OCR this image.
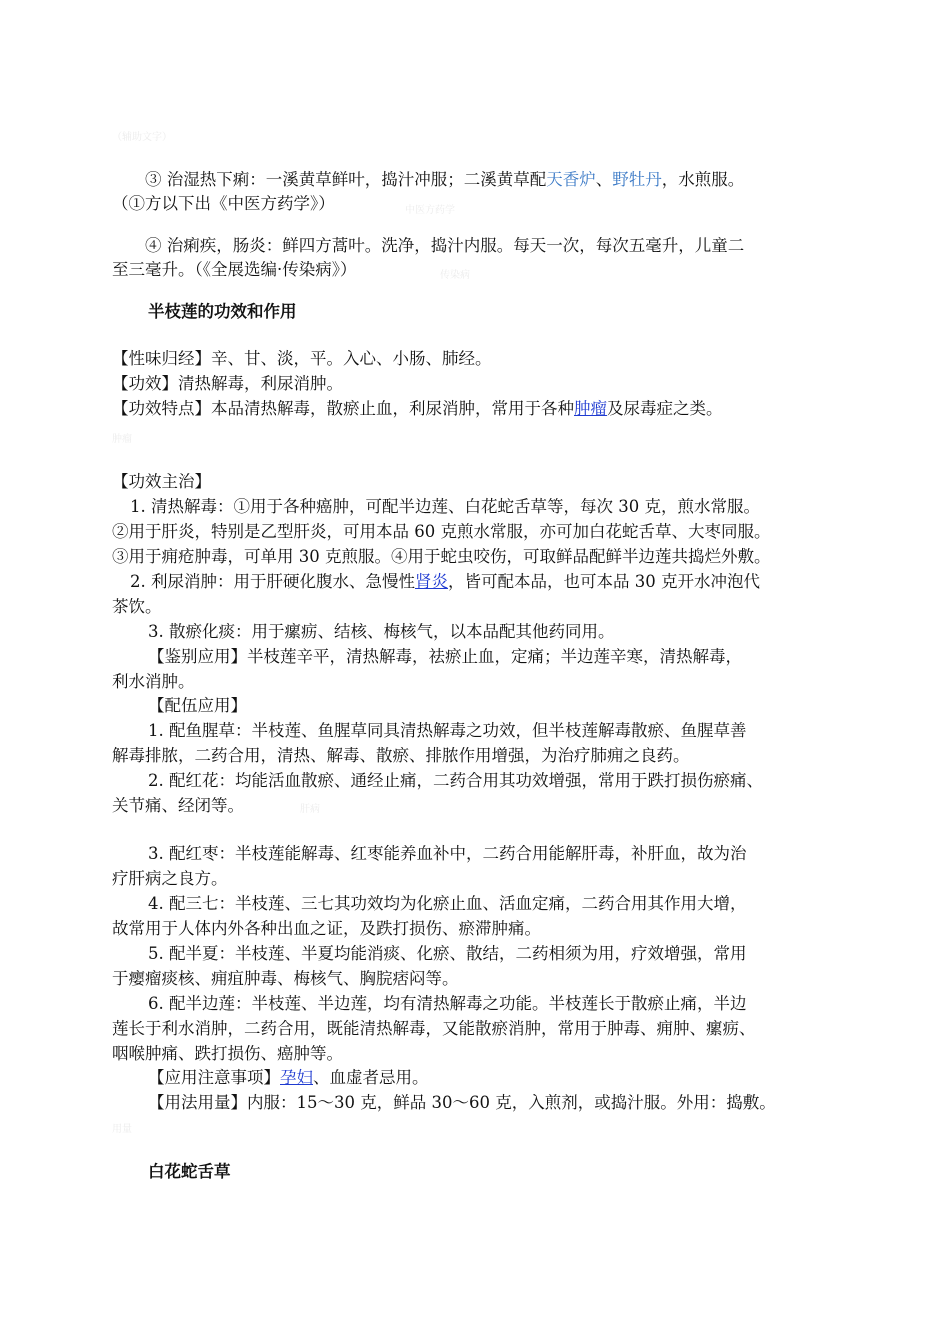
（辅助文字）
中医方药学
传染病
肿瘤
肝病
用量
③ 治湿热下痢：一溪黄草鲜叶，捣汁冲服；二溪黄草配天香炉、野牡丹，水煎服。
（①方以下出《中医方药学》）
④ 治痢疾，肠炎：鲜四方蒿叶。洗净，捣汁内服。每天一次，每次五毫升，儿童二
至三毫升。（《全展选编·传染病》）
半枝莲的功效和作用
【性味归经】辛、甘、淡，平。入心、小肠、肺经。
【功效】清热解毒，利尿消肿。
【功效特点】本品清热解毒，散瘀止血，利尿消肿，常用于各种肿瘤及尿毒症之类。
【功效主治】
1. 清热解毒：①用于各种癌肿，可配半边莲、白花蛇舌草等，每次 30 克，煎水常服。
②用于肝炎，特别是乙型肝炎，可用本品 60 克煎水常服，亦可加白花蛇舌草、大枣同服。
③用于痈疮肿毒，可单用 30 克煎服。④用于蛇虫咬伤，可取鲜品配鲜半边莲共捣烂外敷。
2. 利尿消肿：用于肝硬化腹水、急慢性肾炎，皆可配本品，也可本品 30 克开水冲泡代
茶饮。
3. 散瘀化痰：用于瘰疬、结核、梅核气，以本品配其他药同用。
【鉴别应用】半枝莲辛平，清热解毒，祛瘀止血，定痛；半边莲辛寒，清热解毒，
利水消肿。
【配伍应用】
1. 配鱼腥草：半枝莲、鱼腥草同具清热解毒之功效，但半枝莲解毒散瘀、鱼腥草善
解毒排脓，二药合用，清热、解毒、散瘀、排脓作用增强，为治疗肺痈之良药。
2. 配红花：均能活血散瘀、通经止痛，二药合用其功效增强，常用于跌打损伤瘀痛、
关节痛、经闭等。
3. 配红枣：半枝莲能解毒、红枣能养血补中，二药合用能解肝毒，补肝血，故为治
疗肝病之良方。
4. 配三七：半枝莲、三七其功效均为化瘀止血、活血定痛，二药合用其作用大增，
故常用于人体内外各种出血之证，及跌打损伤、瘀滞肿痛。
5. 配半夏：半枝莲、半夏均能消痰、化瘀、散结，二药相须为用，疗效增强，常用
于瘿瘤痰核、痈疽肿毒、梅核气、胸脘痞闷等。
6. 配半边莲：半枝莲、半边莲，均有清热解毒之功能。半枝莲长于散瘀止痛，半边
莲长于利水消肿，二药合用，既能清热解毒，又能散瘀消肿，常用于肿毒、痈肿、瘰疬、
咽喉肿痛、跌打损伤、癌肿等。
【应用注意事项】孕妇、血虚者忌用。
【用法用量】内服：15～30 克，鲜品 30～60 克，入煎剂，或捣汁服。外用：捣敷。
白花蛇舌草
